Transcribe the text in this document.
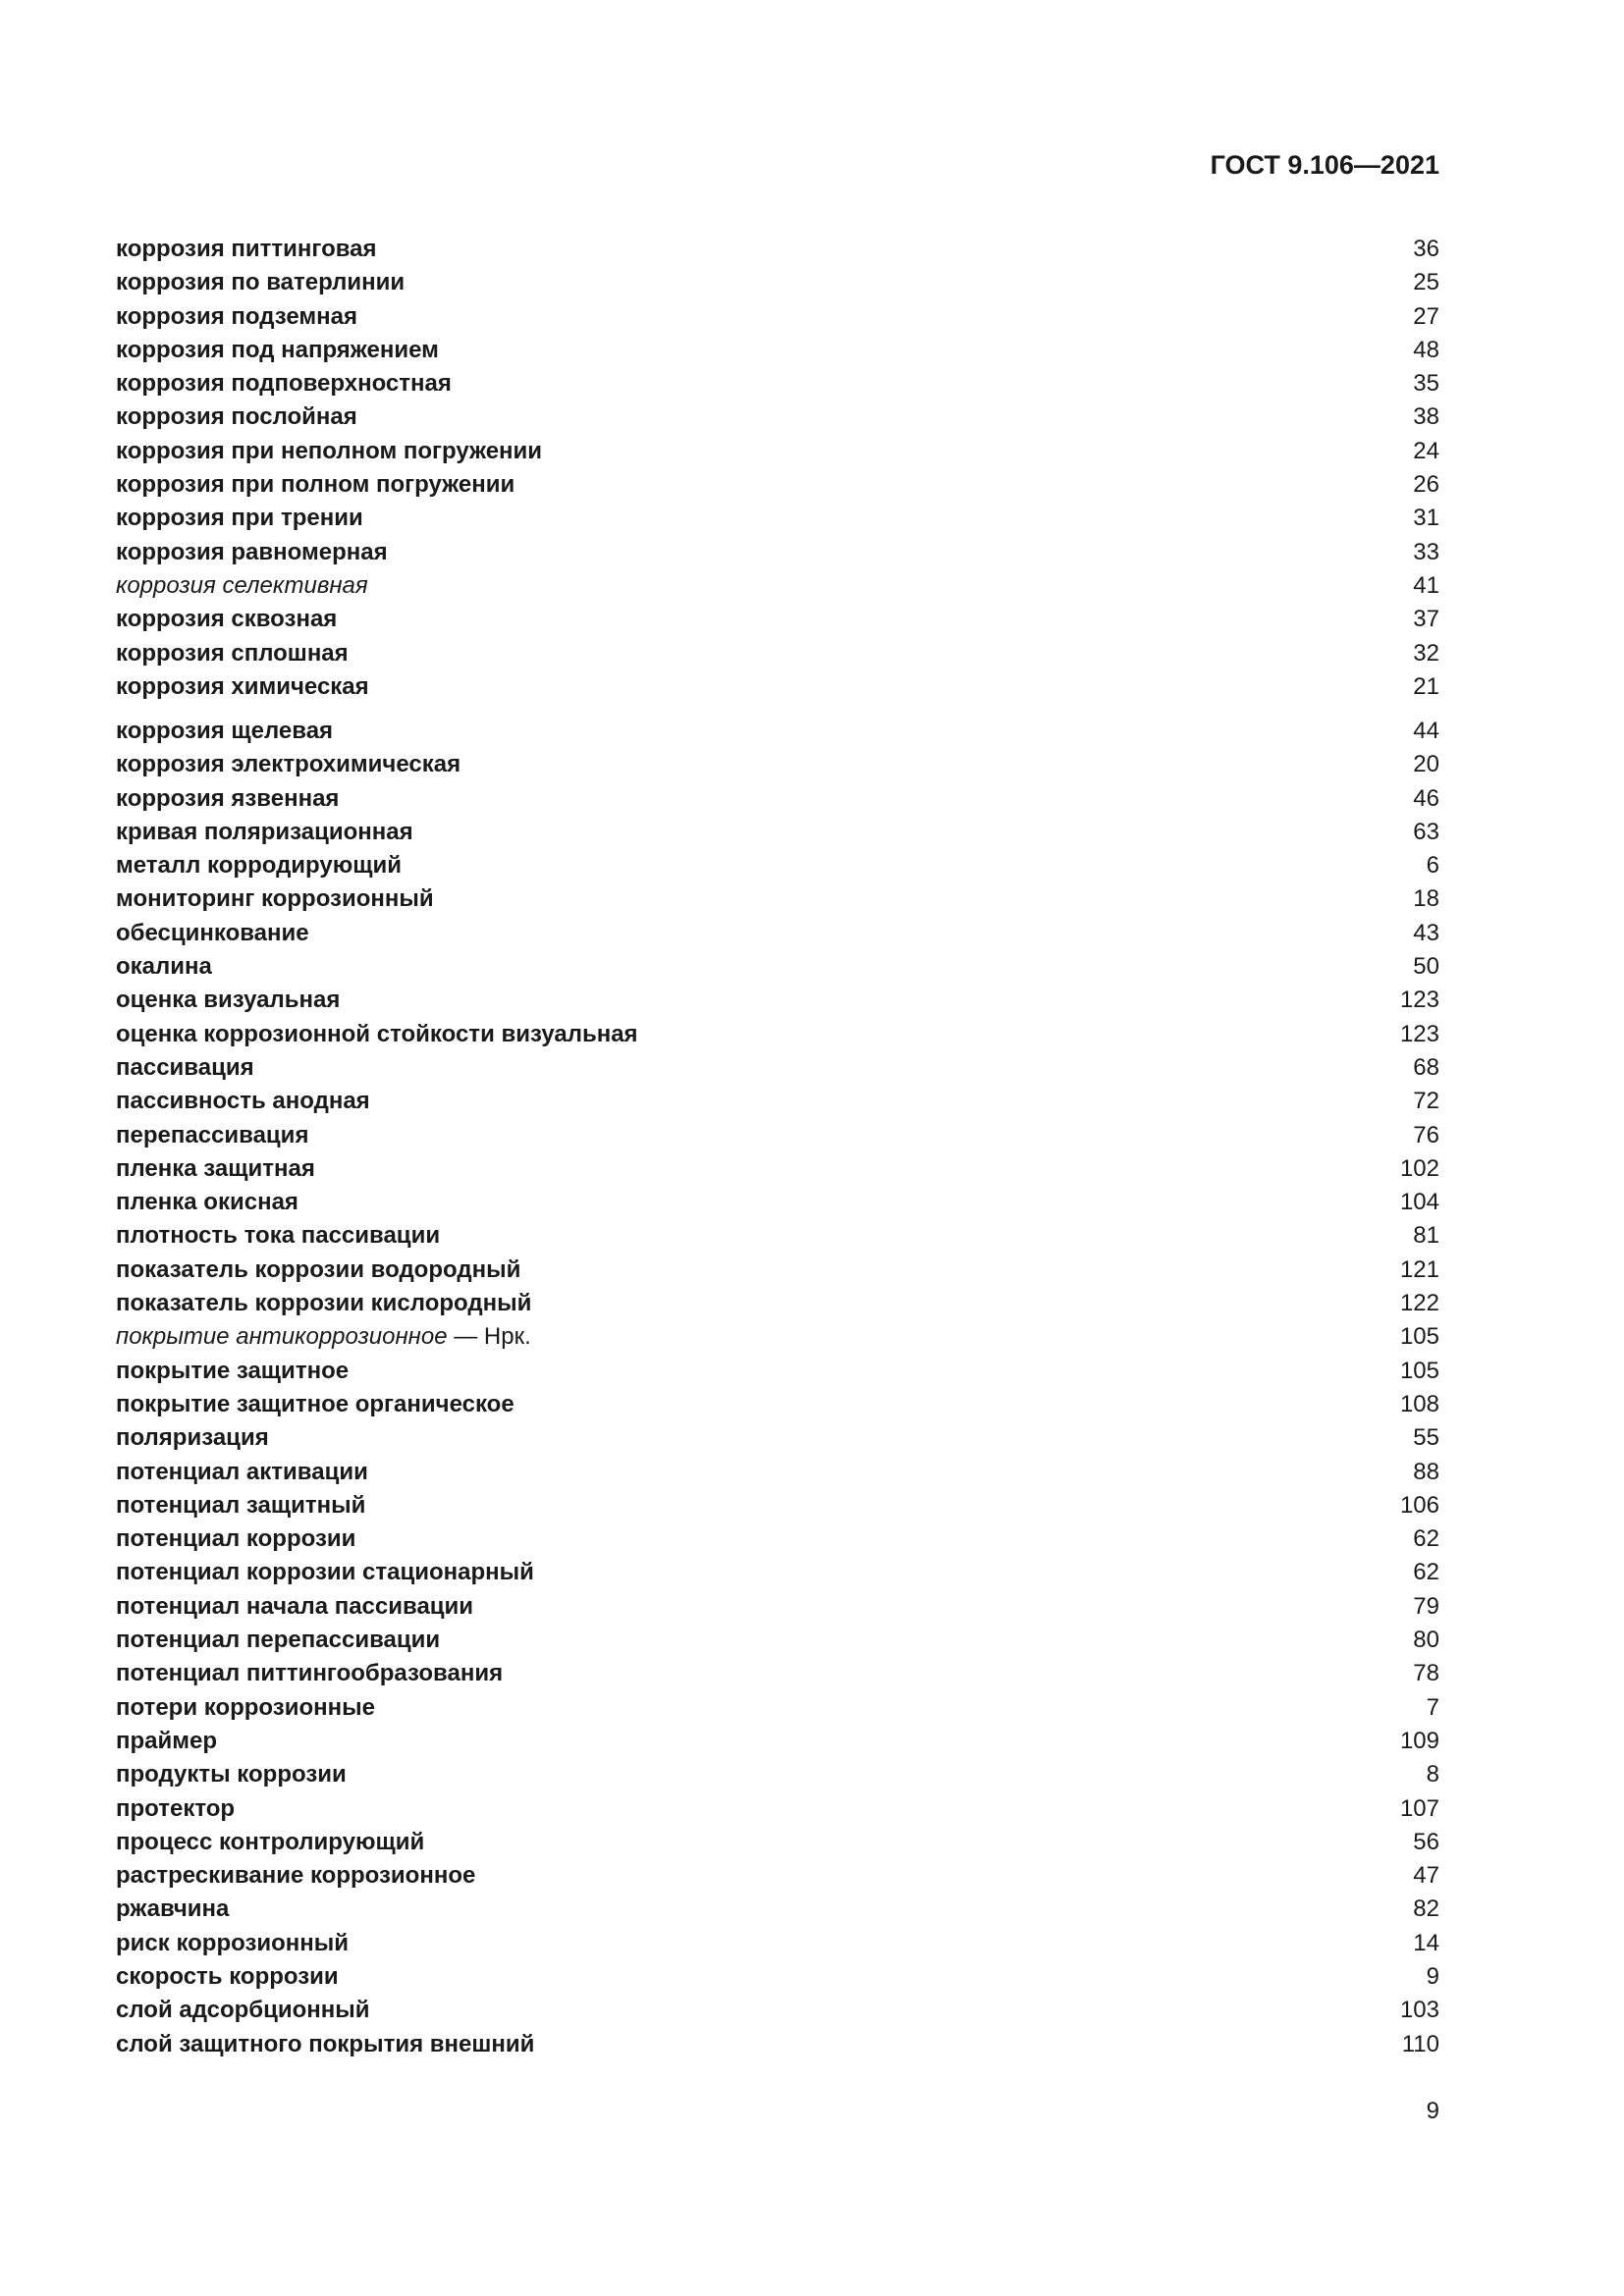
ГОСТ 9.106—2021
коррозия питтинговая	36
коррозия по ватерлинии	25
коррозия подземная	27
коррозия под напряжением	48
коррозия подповерхностная	35
коррозия послойная	38
коррозия при неполном погружении	24
коррозия при полном погружении	26
коррозия при трении	31
коррозия равномерная	33
коррозия селективная	41
коррозия сквозная	37
коррозия сплошная	32
коррозия химическая	21
коррозия щелевая	44
коррозия электрохимическая	20
коррозия язвенная	46
кривая поляризационная	63
металл корродирующий	6
мониторинг коррозионный	18
обесцинкование	43
окалина	50
оценка визуальная	123
оценка коррозионной стойкости визуальная	123
пассивация	68
пассивность анодная	72
перепассивация	76
пленка защитная	102
пленка окисная	104
плотность тока пассивации	81
показатель коррозии водородный	121
показатель коррозии кислородный	122
покрытие антикоррозионное — Нрк.	105
покрытие защитное	105
покрытие защитное органическое	108
поляризация	55
потенциал активации	88
потенциал защитный	106
потенциал коррозии	62
потенциал коррозии стационарный	62
потенциал начала пассивации	79
потенциал перепассивации	80
потенциал питтингообразования	78
потери коррозионные	7
праймер	109
продукты коррозии	8
протектор	107
процесс контролирующий	56
растрескивание коррозионное	47
ржавчина	82
риск коррозионный	14
скорость коррозии	9
слой адсорбционный	103
слой защитного покрытия внешний	110
9
